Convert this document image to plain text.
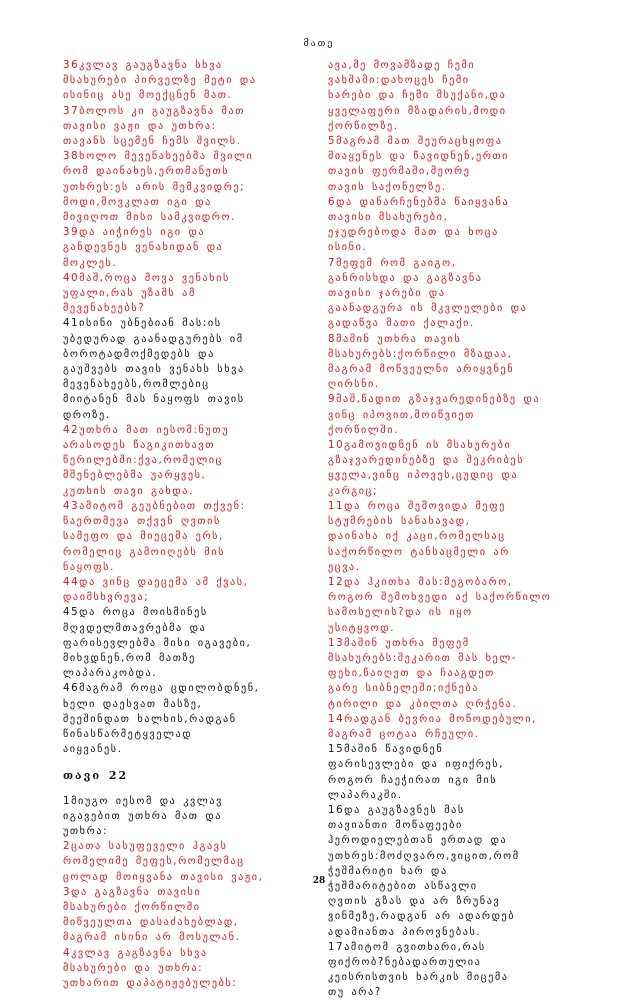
მათე

36კვლავ გაუგზავნა სხვა
მსახურები პირველზე მეტი და
ისინიც ასე მოექცნენ მათ.

37ბოლოს კი გაუგზავნა მათ
თავისი ვაჟი და უთხრა:
თავანს სცემენ ჩემს შვილს.

38ხოლო მევენახეებმა შვილი
რომ დაინახეს,ერთმანეთს
უთხრეს:ეს არის მემკვიდრე;
მოდი,მოვკლათ იგი და
მივიღოთ მისი სამკვიდრო.

39და აიჭირეს იგი და
განდევნეს ვენახიდან და
მოკლეს.

40მაშ,როცა მოვა ვენახის
უფალი,რას უზამს ამ
მევენახეებს?

41ისინი უბნებიან მას:ის
უბედურად გაანადგურებს იმ
ბოროტადმოქმედებს და
გაუშვებს თავის ვენახს სხვა
მევენახეებს,რომლებიც
მიიტანენ მას ნაყოფს თავის
დროზე.

42უთხრა მათ იესომ:ნუთუ
არასოდეს წაგიკითხავთ
წერილებში:ქვა,რომელიც
მშენებლებმა უარყვეს,
კუთხის თავი გახდა.

43ამიტომ გეუბნებით თქვენ:
წაერთმევა თქვენ ღვთის
სამეფო და მიეცემა ერს,
რომელიც გამოიღებს მის
ნაყოფს.

44და ვინც დაეცემა ამ ქვას,
დაიმსხვრევა;

45და როცა მოისმინეს
მღვდელმთავრებმა და
ფარისევლებმა მისი იგავები,
მიხვდნენ,რომ მათზე
ლაპარაკობდა.

46მაგრამ როცა ცდილობდნენ,
ხელი დაესვათ მასზე,
შეეშინდათ ხალხის,რადგან
წინასწარმეტყველად
აიყვანეს.

თავი 22

1მიუგო იესომ და კვლავ
იგავებით უთხრა მათ და
უთხრა:

2ცათა სასუფეველი ჰგავს
რომელიმე მეფეს,რომელმაც
ცოლად მოიყვანა თავისი ვაჟი,

3და გაგზავნა თავისი
მსახურები ქორწილში
მიწვეულთა დასაძახებლად,
მაგრამ ისინი არ მოსულან.

4კვლავ გაგზავნა სხვა
მსახურები და უთხრა:
უთხარით დაპატიჟებულებს:

ავა,მე მოვამზადე ჩემი
ვახშამი:დახოცეს ჩემი
ხარები და ჩემი მსუქანი,და
ყველაფერი მზადარის,მოდი
ქორწილზე.

5მაგრამ მათ შეურაცხყოფა
მიაყენეს და წავიდნენ,ერთი
თავის ფერმაში,მეორე
თავის საქონელზე.

6და დანარჩენებმა წაიყვანა
თავისი მსახურები,
ეჯუდრებოდა მათ და ხოცა
ისინი.

7მეფემ რომ გაიგო,
განრისხდა და გაგზავნა
თავისი ჯარები და
გაანადგურა ის მკვლელები და
გადაწვა მათი ქალაქი.

8მაშინ უთხრა თავის
მსახურებს:ქორწილი მზადაა,
მაგრამ მოწვეულნი არიყვნენ
ღირსნი.

9მაშ,წადით გზაჯვარედინებზე და
ვინც იპოვით,მოიწვიეთ
ქორწილში.

10გამოვიდნენ ის მსახურები
გზაჯვარედინებზე და შეკრიბეს
ყველა,ვინც იპოვეს,ცუდიც და
კარგიც;

11და როცა შემოვიდა მეფე
სტუმრების სანახავად,
დაინახა იქ კაცი,რომელსაც
საქორწილო ტანსაცმელი არ
ეცვა.

12და ჰკითხა მას:მეგობარო,
როგორ შემოხვედი აქ საქორწილო
სამოსელის?და ის იყო
უსიტყვოდ.

13მაშინ უთხრა მეფემ
მსახურებს:შეკარით მას ხელ-
ფეხი,წაიღეთ და ჩააგდეთ
გარე სიბნელეში;იქნება
ტირილი და კბილთა ღრჭენა.

14რადგან ბევრია მოწოდებული,
მაგრამ ცოტაა რჩეული.

15მაშინ წავიდნენ
ფარისევლები და იფიქრეს,
როგორ ჩაეჭირათ იგი მის
ლაპარაკში.

16და გაუგზავნეს მას
თავიანთი მოწაფეები
ჰეროდიელებთან ერთად და
უთხრეს:მოძღვარო,ვიცით,რომ
ჭეშმარიტი ხარ და
ჭეშმარიტებით ასწავლი
ღვთის გზას და არ ზრუნავ
ვინმეზე,რადგან არ ადარდებ
ადამიანთა პიროვნებას.

17ამიტომ გვითხარი,რას
ფიქრობ?ნებადართულია
კეისრისთვის ხარკის მიცემა
თუ არა?

28
